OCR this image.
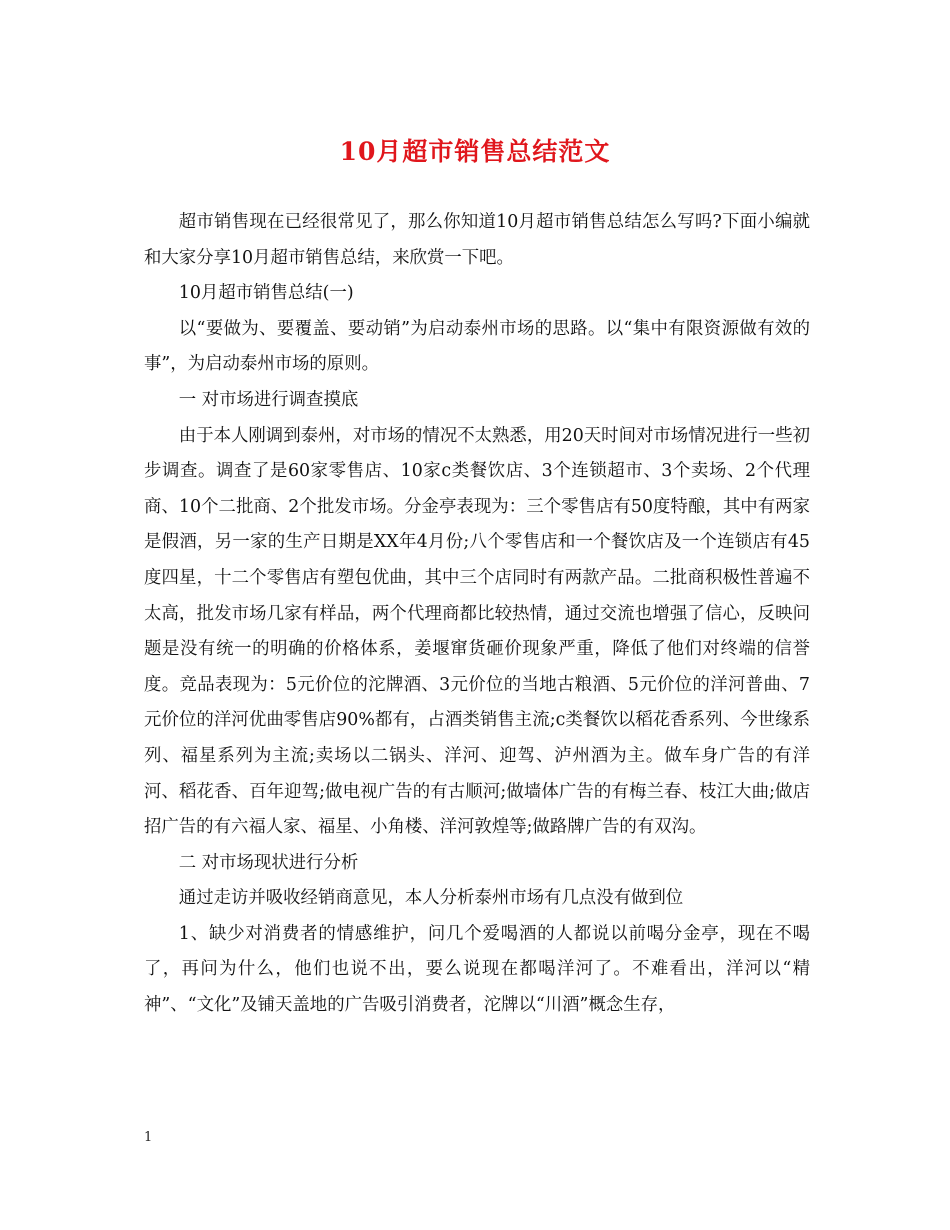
10月超市销售总结范文

超市销售现在已经很常见了，那么你知道10月超市销售总结怎么写吗?下面小编就和大家分享10月超市销售总结，来欣赏一下吧。

10月超市销售总结(一)

以“要做为、要覆盖、要动销”为启动泰州市场的思路。以“集中有限资源做有效的事”，为启动泰州市场的原则。

一 对市场进行调查摸底

由于本人刚调到泰州，对市场的情况不太熟悉，用20天时间对市场情况进行一些初步调查。调查了是60家零售店、10家c类餐饮店、3个连锁超市、3个卖场、2个代理商、10个二批商、2个批发市场。分金亭表现为：三个零售店有50度特酿，其中有两家是假酒，另一家的生产日期是XX年4月份;八个零售店和一个餐饮店及一个连锁店有45度四星，十二个零售店有塑包优曲，其中三个店同时有两款产品。二批商积极性普遍不太高，批发市场几家有样品，两个代理商都比较热情，通过交流也增强了信心，反映问题是没有统一的明确的价格体系，姜堰窜货砸价现象严重，降低了他们对终端的信誉度。竞品表现为：5元价位的沱牌酒、3元价位的当地古粮酒、5元价位的洋河普曲、7元价位的洋河优曲零售店90%都有，占酒类销售主流;c类餐饮以稻花香系列、今世缘系列、福星系列为主流;卖场以二锅头、洋河、迎驾、泸州酒为主。做车身广告的有洋河、稻花香、百年迎驾;做电视广告的有古顺河;做墙体广告的有梅兰春、枝江大曲;做店招广告的有六福人家、福星、小角楼、洋河敦煌等;做路牌广告的有双沟。

二 对市场现状进行分析

通过走访并吸收经销商意见，本人分析泰州市场有几点没有做到位

1、缺少对消费者的情感维护，问几个爱喝酒的人都说以前喝分金亭，现在不喝了，再问为什么，他们也说不出，要么说现在都喝洋河了。不难看出，洋河以“精神”、“文化”及铺天盖地的广告吸引消费者，沱牌以“川酒”概念生存，

1
